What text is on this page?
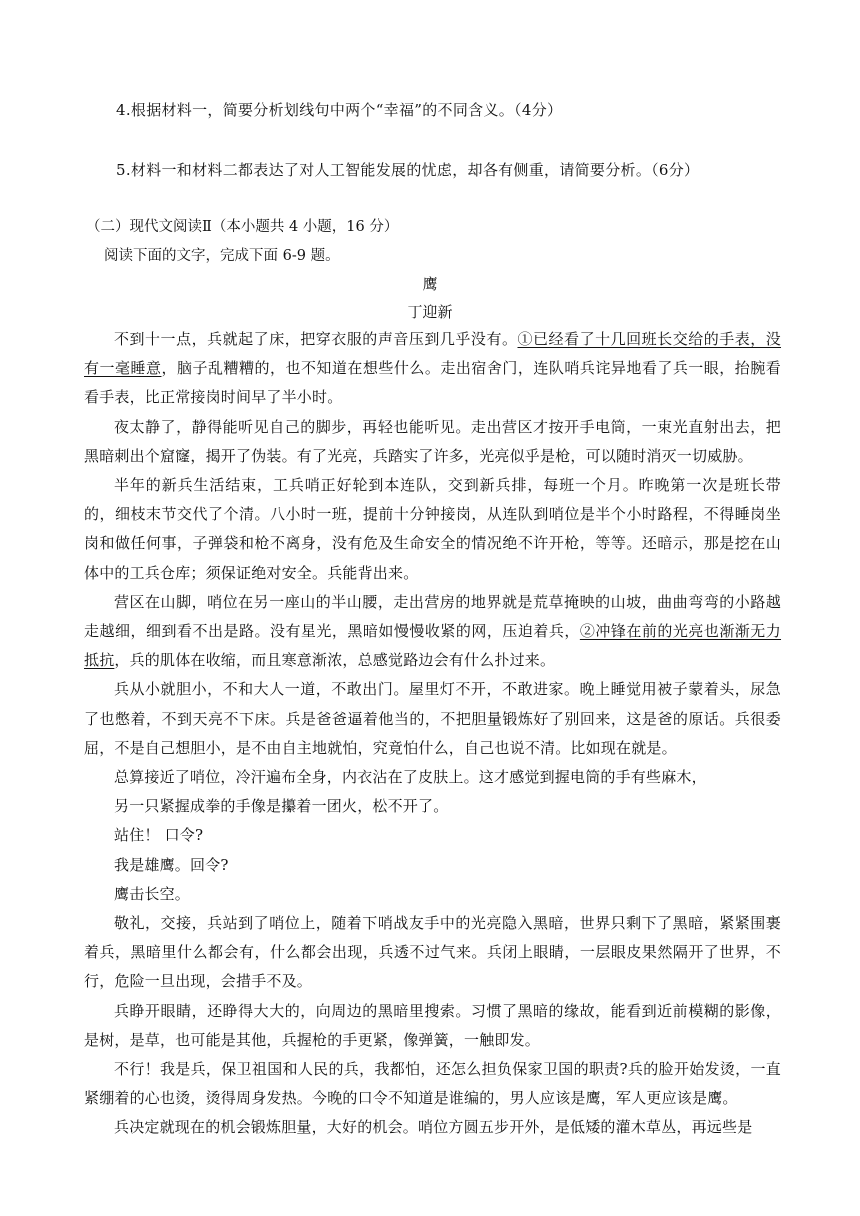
4.根据材料一，简要分析划线句中两个“幸福”的不同含义。（4分）
5.材料一和材料二都表达了对人工智能发展的忧虑，却各有侧重，请简要分析。（6分）
（二）现代文阅读Ⅱ（本小题共 4 小题，16 分）
阅读下面的文字，完成下面 6-9 题。
鹰
丁迎新

不到十一点，兵就起了床，把穿衣服的声音压到几乎没有。①已经看了十几回班长交给的手表，没有一毫睡意，脑子乱糟糟的，也不知道在想些什么。走出宿舍门，连队哨兵诧异地看了兵一眼，抬腕看看手表，比正常接岗时间早了半小时。

夜太静了，静得能听见自己的脚步，再轻也能听见。走出营区才按开手电筒，一束光直射出去，把黑暗刺出个窟窿，揭开了伪装。有了光亮，兵踏实了许多，光亮似乎是枪，可以随时消灭一切威胁。

半年的新兵生活结束，工兵哨正好轮到本连队，交到新兵排，每班一个月。昨晚第一次是班长带的，细枝末节交代了个清。八小时一班，提前十分钟接岗，从连队到哨位是半个小时路程，不得睡岗坐岗和做任何事，子弹袋和枪不离身，没有危及生命安全的情况绝不许开枪，等等。还暗示，那是挖在山体中的工兵仓库；须保证绝对安全。兵能背出来。

营区在山脚，哨位在另一座山的半山腰，走出营房的地界就是荒草掩映的山坡，曲曲弯弯的小路越走越细，细到看不出是路。没有星光，黑暗如慢慢收紧的网，压迫着兵，②冲锋在前的光亮也渐渐无力抵抗，兵的肌体在收缩，而且寒意渐浓，总感觉路边会有什么扑过来。

兵从小就胆小，不和大人一道，不敢出门。屋里灯不开，不敢进家。晚上睡觉用被子蒙着头，尿急了也憋着，不到天亮不下床。兵是爸爸逼着他当的，不把胆量锻炼好了别回来，这是爸的原话。兵很委屈，不是自己想胆小，是不由自主地就怕，究竟怕什么，自己也说不清。比如现在就是。

总算接近了哨位，冷汗遍布全身，内衣沾在了皮肤上。这才感觉到握电筒的手有些麻木，

另一只紧握成拳的手像是攥着一团火，松不开了。

站住！ 口令?

我是雄鹰。回令?

鹰击长空。

敬礼，交接，兵站到了哨位上，随着下哨战友手中的光亮隐入黑暗，世界只剩下了黑暗，紧紧围裹着兵，黑暗里什么都会有，什么都会出现，兵透不过气来。兵闭上眼睛，一层眼皮果然隔开了世界，不行，危险一旦出现，会措手不及。

兵睁开眼睛，还睁得大大的，向周边的黑暗里搜索。习惯了黑暗的缘故，能看到近前模糊的影像，是树，是草，也可能是其他，兵握枪的手更紧，像弹簧，一触即发。

不行！我是兵，保卫祖国和人民的兵，我都怕，还怎么担负保家卫国的职责?兵的脸开始发烫，一直紧绷着的心也烫，烫得周身发热。今晚的口令不知道是谁编的，男人应该是鹰，军人更应该是鹰。

兵决定就现在的机会锻炼胆量，大好的机会。哨位方圆五步开外，是低矮的灌木草丛，再远些是
